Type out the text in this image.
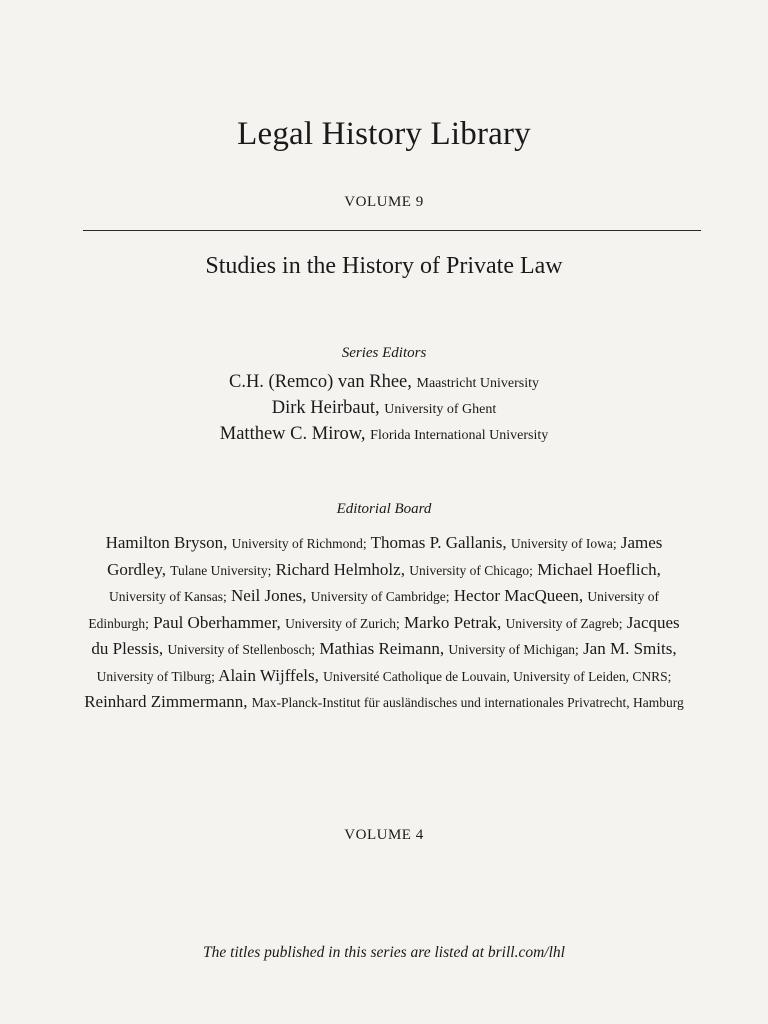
Legal History Library
VOLUME 9
Studies in the History of Private Law
Series Editors
C.H. (Remco) van Rhee, Maastricht University
Dirk Heirbaut, University of Ghent
Matthew C. Mirow, Florida International University
Editorial Board
Hamilton Bryson, University of Richmond; Thomas P. Gallanis, University of Iowa; James Gordley, Tulane University; Richard Helmholz, University of Chicago; Michael Hoeflich, University of Kansas; Neil Jones, University of Cambridge; Hector MacQueen, University of Edinburgh; Paul Oberhammer, University of Zurich; Marko Petrak, University of Zagreb; Jacques du Plessis, University of Stellenbosch; Mathias Reimann, University of Michigan; Jan M. Smits, University of Tilburg; Alain Wijffels, Université Catholique de Louvain, University of Leiden, CNRS; Reinhard Zimmermann, Max-Planck-Institut für ausländisches und internationales Privatrecht, Hamburg
VOLUME 4
The titles published in this series are listed at brill.com/lhl
